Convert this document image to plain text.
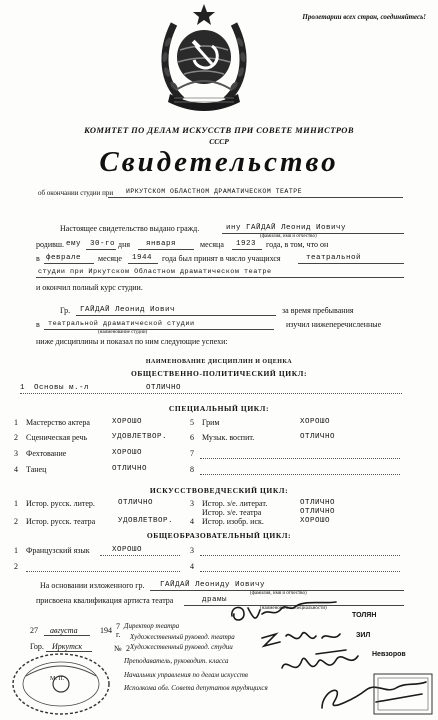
Пролетарии всех стран, соединяйтесь!
КОМИТЕТ ПО ДЕЛАМ ИСКУССТВ ПРИ СОВЕТЕ МИНИСТРОВ
СССР
Свидетельство
об окончании студии при ИРКУТСКОМ ОБЛАСТНОМ ДРАМАТИЧЕСКОМ ТЕАТРЕ
Настоящее свидетельство выдано гражд.	ину ГАЙДАЙ Леонид Иовичу
(фамилия, имя и отчество)
родивш. ему 30-го дня января	месяца 1923 года, в том, что он
в феврале месяце 1944 года был принят в число учащихся	театральной
студии при Иркутском Областном драматическом театре
и окончил полный курс студии.
Гр. ГАЙДАЙ Леонид Иович	за время пребывания
в театральной драматической студии
(наименование студии)
изучил нижеперечисленные
ниже дисциплины и показал по ним следующие успехи:
НАИМЕНОВАНИЕ ДИСЦИПЛИН И ОЦЕНКА
ОБЩЕСТВЕННО-ПОЛИТИЧЕСКИЙ ЦИКЛ:
1 Основы м.-л	ОТЛИЧНО
СПЕЦИАЛЬНЫЙ ЦИКЛ:
1 Мастерство актера	ХОРОШО	5 Грим	ХОРОШО
2 Сценическая речь	УДОВЛЕТВОР.	6 Музык. воспит.	ОТЛИЧНО
3 Фехтование	ХОРОШО	7
4 Танец	ОТЛИЧНО	8
ИСКУССТВОВЕДЧЕСКИЙ ЦИКЛ:
1 Истор. русск. литер.	ОТЛИЧНО	3 Истор. з/е. литерат.	ОТЛИЧНО
Истор. з/е. театра	ОТЛИЧНО
2 Истор. русск. театра	УДОВЛЕТВОР. 4 Истор. изобр. иск.	ХОРОШО
ОБЩЕОБРАЗОВАТЕЛЬНЫЙ ЦИКЛ:
1 Французский язык	ХОРОШО	3
2	4
На основании изложенного гр. ГАЙДАЙ Леониду Иовичу
(фамилия, имя и отчество)
присвоена квалификация артиста театра	драмы
(наименование специальности)
27 августа	194 7
г.
Гор. Иркутск	№ 2
М. П.
Директор театра
Художественный руковод. театра
Художественный руковод. студии
Преподаватель, руководит. класса
Начальник управления по делам искусств
Исполкома обл. Совета депутатов трудящихся
ТОЛЯН
ЗИЛ
Невзоров
